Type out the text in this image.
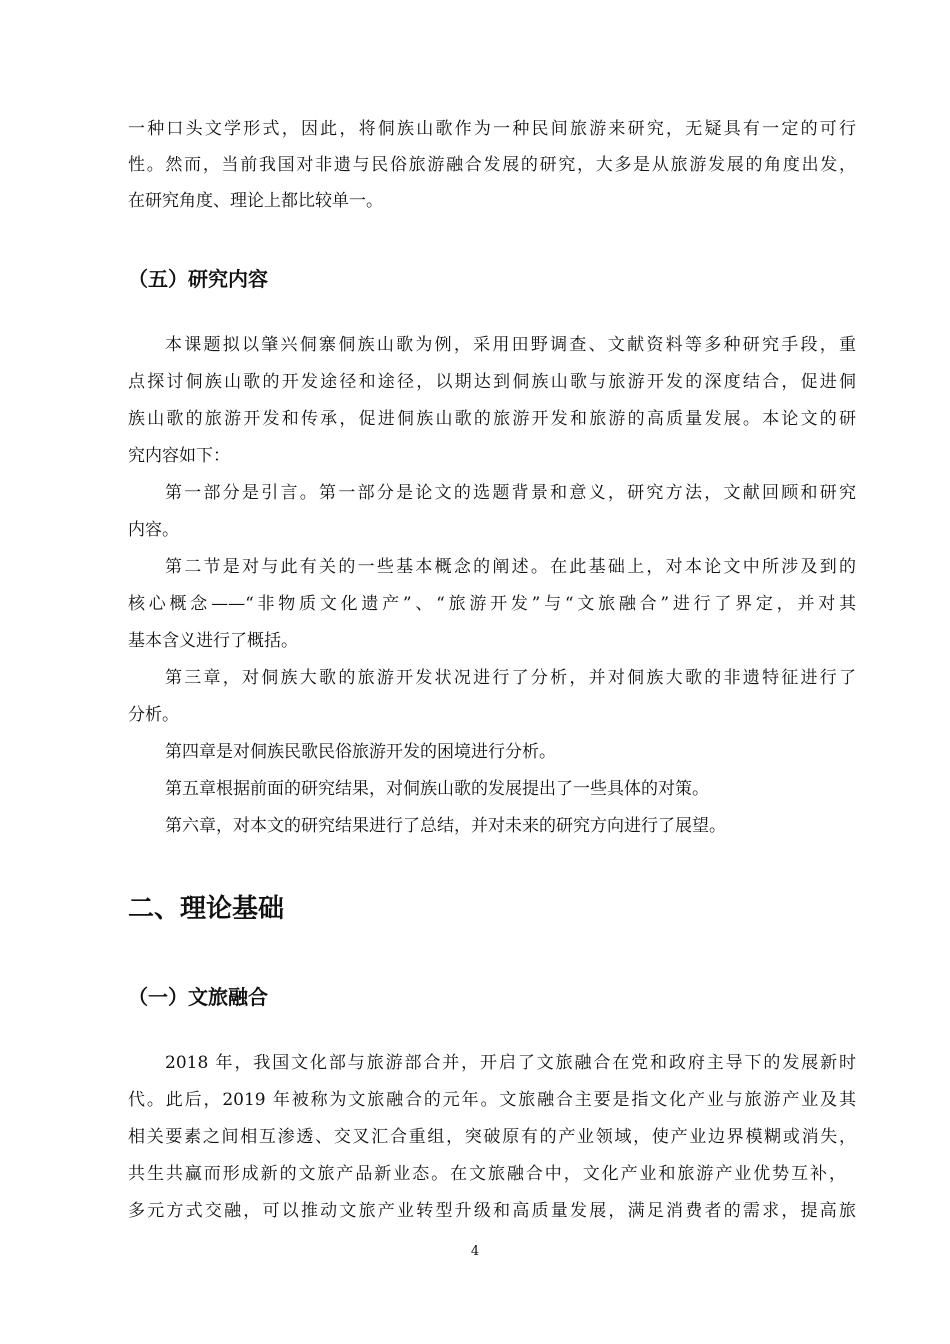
一种口头文学形式，因此，将侗族山歌作为一种民间旅游来研究，无疑具有一定的可行
性。然而，当前我国对非遗与民俗旅游融合发展的研究，大多是从旅游发展的角度出发，
在研究角度、理论上都比较单一。
（五）研究内容
本课题拟以肇兴侗寨侗族山歌为例，采用田野调查、文献资料等多种研究手段，重
点探讨侗族山歌的开发途径和途径，以期达到侗族山歌与旅游开发的深度结合，促进侗
族山歌的旅游开发和传承，促进侗族山歌的旅游开发和旅游的高质量发展。本论文的研
究内容如下：
第一部分是引言。第一部分是论文的选题背景和意义，研究方法，文献回顾和研究
内容。
第二节是对与此有关的一些基本概念的阐述。在此基础上，对本论文中所涉及到的
核心概念——“非物质文化遗产”、“旅游开发”与“文旅融合”进行了界定，并对其
基本含义进行了概括。
第三章，对侗族大歌的旅游开发状况进行了分析，并对侗族大歌的非遗特征进行了
分析。
第四章是对侗族民歌民俗旅游开发的困境进行分析。
第五章根据前面的研究结果，对侗族山歌的发展提出了一些具体的对策。
第六章，对本文的研究结果进行了总结，并对未来的研究方向进行了展望。
二、理论基础
（一）文旅融合
2018 年，我国文化部与旅游部合并，开启了文旅融合在党和政府主导下的发展新时
代。此后，2019 年被称为文旅融合的元年。文旅融合主要是指文化产业与旅游产业及其
相关要素之间相互渗透、交叉汇合重组，突破原有的产业领域，使产业边界模糊或消失，
共生共赢而形成新的文旅产品新业态。在文旅融合中，文化产业和旅游产业优势互补，
多元方式交融，可以推动文旅产业转型升级和高质量发展，满足消费者的需求，提高旅
4
